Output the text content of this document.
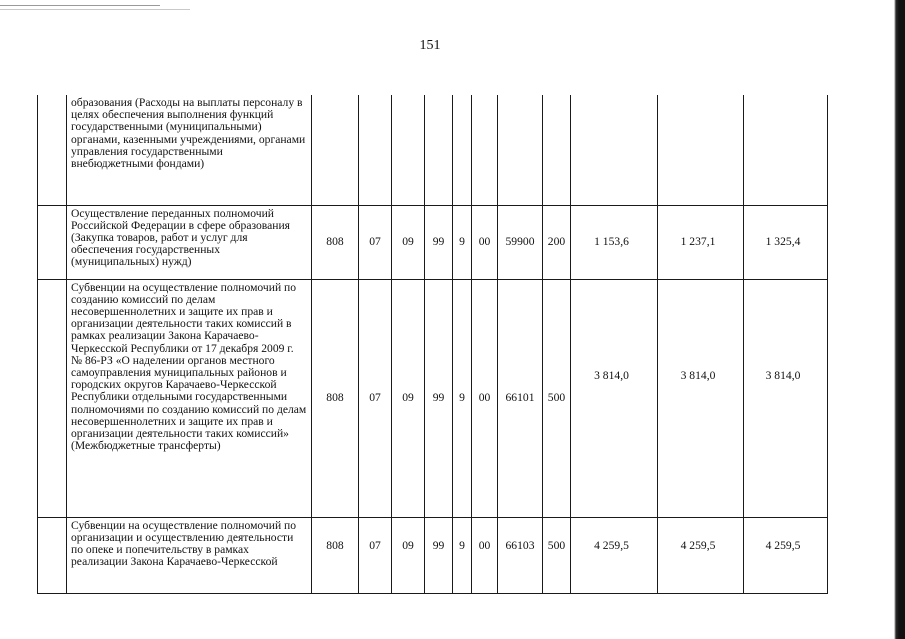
151
	образования (Расходы на выплаты персоналу в целях обеспечения выполнения функций государственными (муниципальными) органами, казенными учреждениями, органами управления государственными внебюджетными фондами)											
	Осуществление переданных полномочий Российской Федерации в сфере образования (Закупка товаров, работ и услуг для обеспечения государственных (муниципальных) нужд)	808	07	09	99	9	00	59900	200	1 153,6	1 237,1	1 325,4
	Субвенции на осуществление полномочий по созданию комиссий по делам несовершеннолетних и защите их прав и организации деятельности таких комиссий в рамках реализации Закона Карачаево-Черкесской Республики от 17 декабря 2009 г. № 86-РЗ «О наделении органов местного самоуправления муниципальных районов и городских округов Карачаево-Черкесской Республики отдельными государственными полномочиями по созданию комиссий по делам несовершеннолетних и защите их прав и организации деятельности таких комиссий» (Межбюджетные трансферты)	808	07	09	99	9	00	66101	500	3 814,0	3 814,0	3 814,0
	Субвенции на осуществление полномочий по организации и осуществлению деятельности по опеке и попечительству в рамках реализации Закона Карачаево-Черкесской	808	07	09	99	9	00	66103	500	4 259,5	4 259,5	4 259,5
